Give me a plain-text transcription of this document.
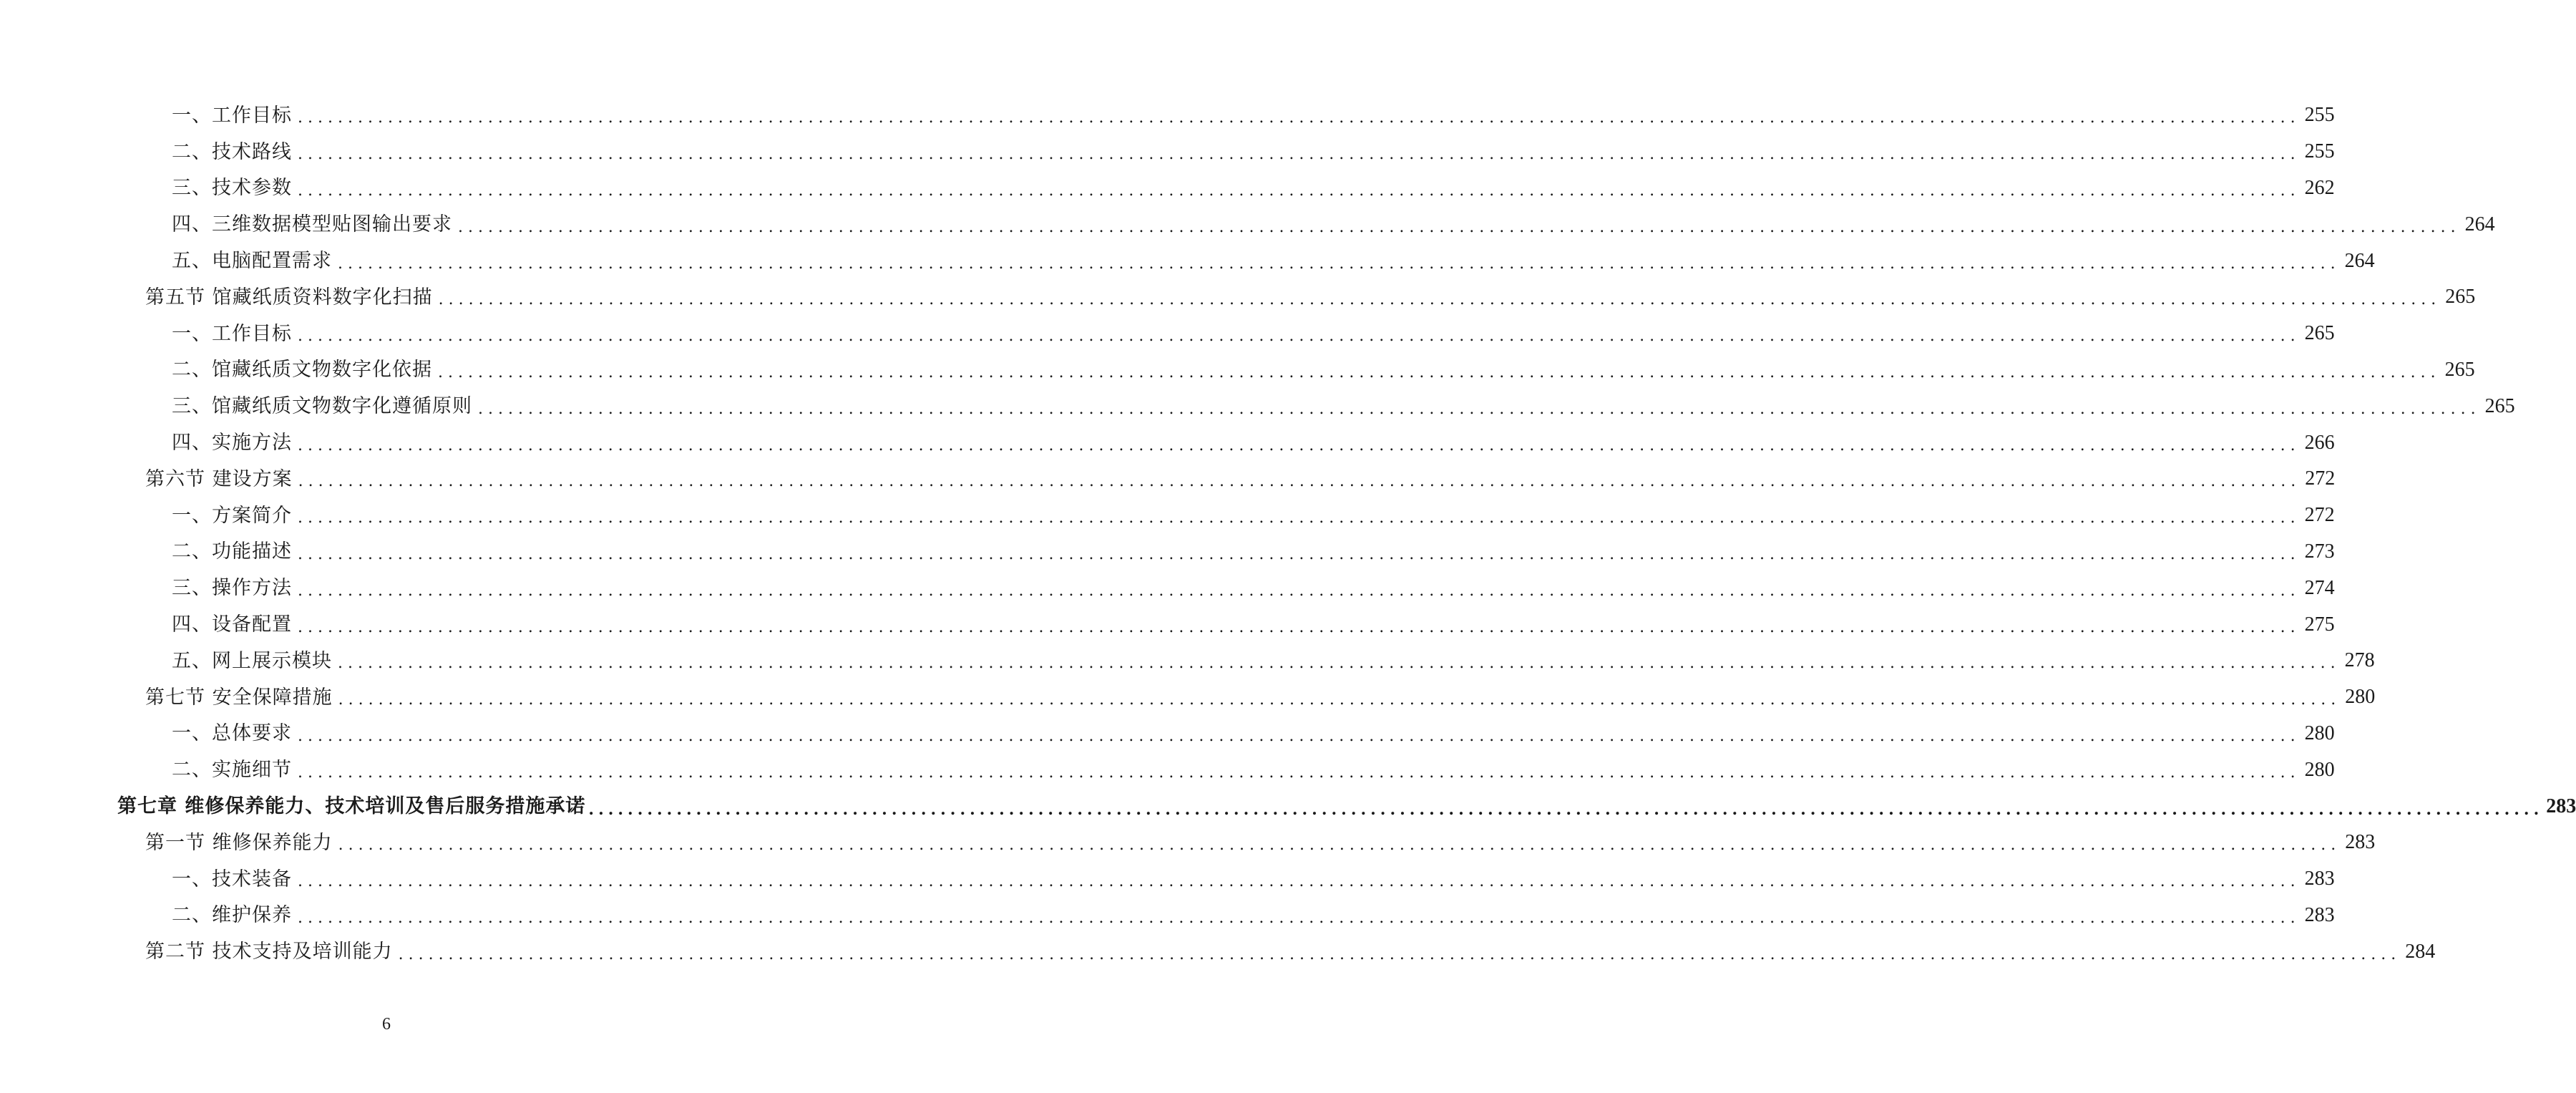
一、工作目标 ........................................................................................................................................................................................................ 255
二、技术路线 ........................................................................................................................................................................................................ 255
三、技术参数 ........................................................................................................................................................................................................ 262
四、三维数据模型贴图输出要求 ........................................................................................................................................................................................................ 264
五、电脑配置需求 ........................................................................................................................................................................................................ 264
第五节 馆藏纸质资料数字化扫描 ........................................................................................................................................................................................................ 265
一、工作目标 ........................................................................................................................................................................................................ 265
二、馆藏纸质文物数字化依据 ........................................................................................................................................................................................................ 265
三、馆藏纸质文物数字化遵循原则 ........................................................................................................................................................................................................ 265
四、实施方法 ........................................................................................................................................................................................................ 266
第六节 建设方案 ........................................................................................................................................................................................................ 272
一、方案简介 ........................................................................................................................................................................................................ 272
二、功能描述 ........................................................................................................................................................................................................ 273
三、操作方法 ........................................................................................................................................................................................................ 274
四、设备配置 ........................................................................................................................................................................................................ 275
五、网上展示模块 ........................................................................................................................................................................................................ 278
第七节 安全保障措施 ........................................................................................................................................................................................................ 280
一、总体要求 ........................................................................................................................................................................................................ 280
二、实施细节 ........................................................................................................................................................................................................ 280
第七章 维修保养能力、技术培训及售后服务措施承诺 ........................................................................................................................................................................................................ 283
第一节 维修保养能力 ........................................................................................................................................................................................................ 283
一、技术装备 ........................................................................................................................................................................................................ 283
二、维护保养 ........................................................................................................................................................................................................ 283
第二节 技术支持及培训能力 ........................................................................................................................................................................................................ 284
6
